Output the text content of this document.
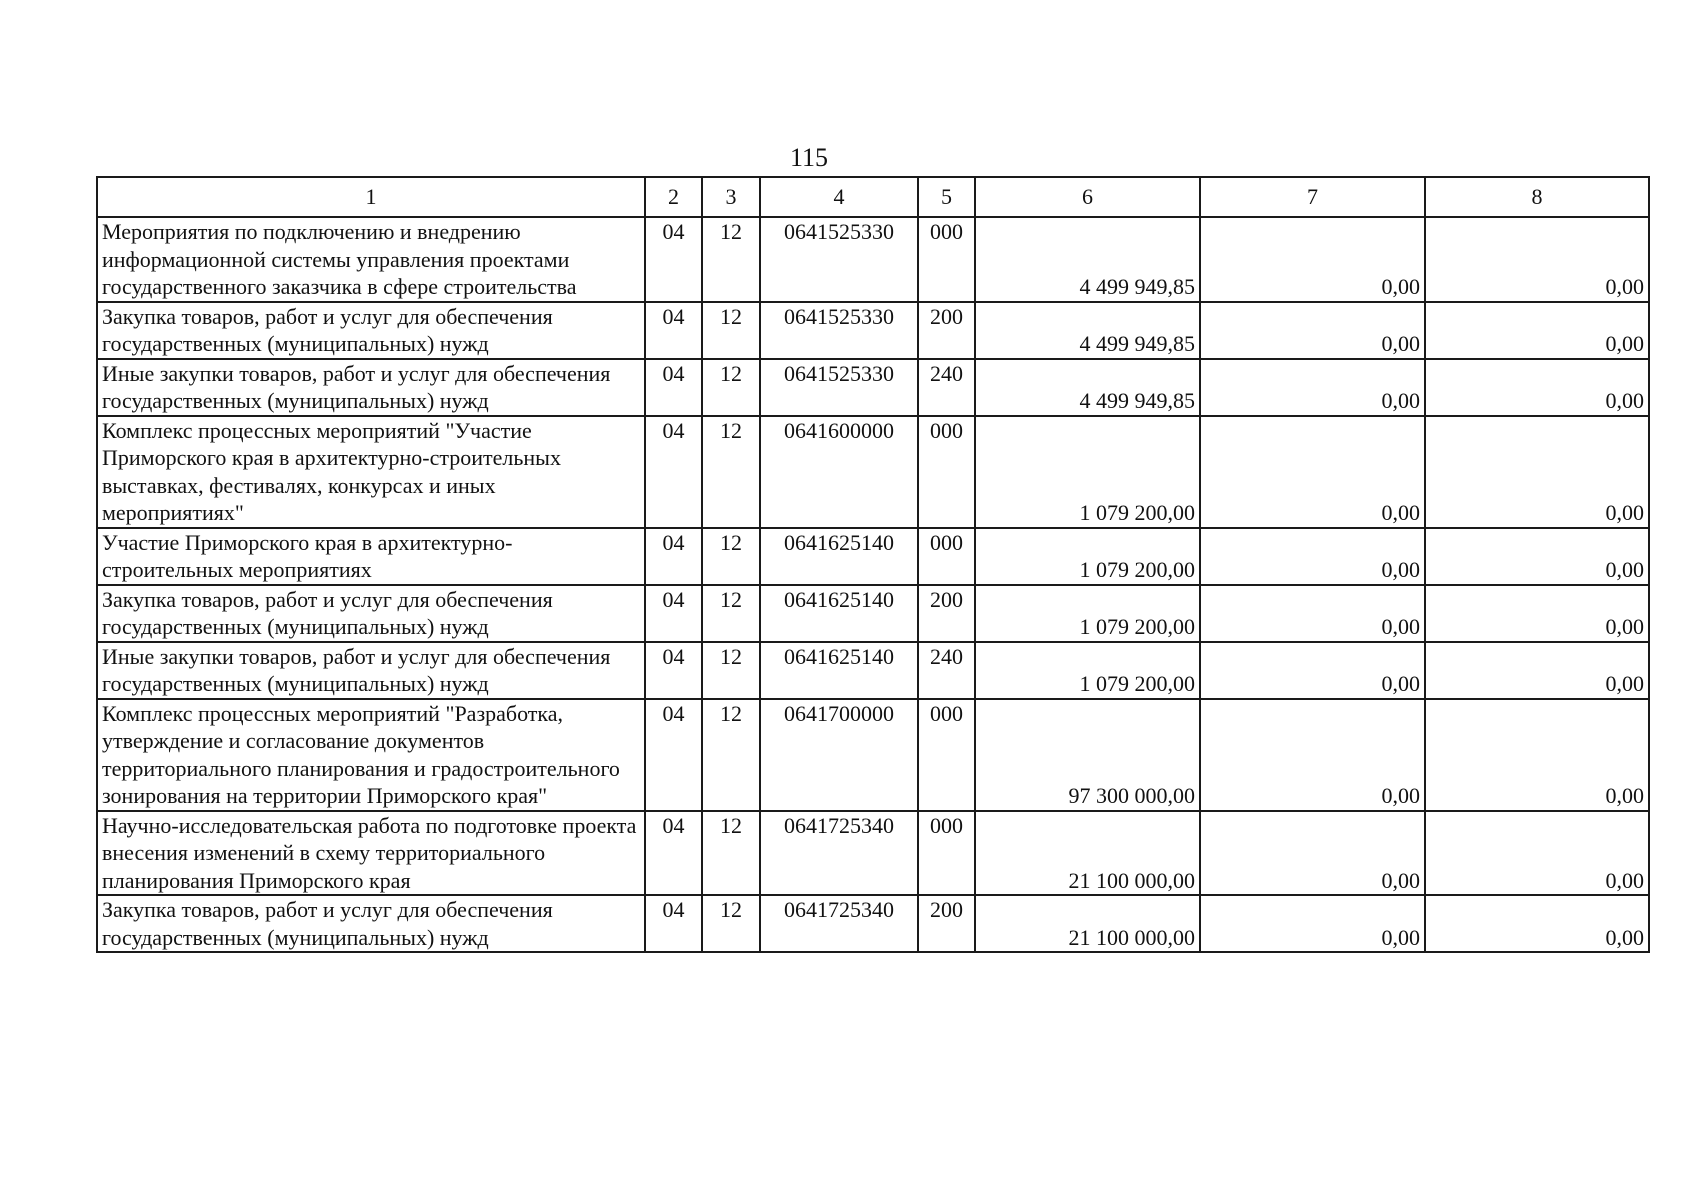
115
1	2	3	4	5	6	7	8
Мероприятия по подключению и внедрению информационной системы управления проектами государственного заказчика в сфере строительства	04	12	0641525330	000	4 499 949,85	0,00	0,00
Закупка товаров, работ и услуг для обеспечения государственных (муниципальных) нужд	04	12	0641525330	200	4 499 949,85	0,00	0,00
Иные закупки товаров, работ и услуг для обеспечения государственных (муниципальных) нужд	04	12	0641525330	240	4 499 949,85	0,00	0,00
Комплекс процессных мероприятий "Участие Приморского края в архитектурно-строительных выставках, фестивалях, конкурсах и иных мероприятиях"	04	12	0641600000	000	1 079 200,00	0,00	0,00
Участие Приморского края в архитектурно-строительных мероприятиях	04	12	0641625140	000	1 079 200,00	0,00	0,00
Закупка товаров, работ и услуг для обеспечения государственных (муниципальных) нужд	04	12	0641625140	200	1 079 200,00	0,00	0,00
Иные закупки товаров, работ и услуг для обеспечения государственных (муниципальных) нужд	04	12	0641625140	240	1 079 200,00	0,00	0,00
Комплекс процессных мероприятий "Разработка, утверждение и согласование документов территориального планирования и градостроительного зонирования на территории Приморского края"	04	12	0641700000	000	97 300 000,00	0,00	0,00
Научно-исследовательская работа по подготовке проекта внесения изменений в схему территориального планирования Приморского края	04	12	0641725340	000	21 100 000,00	0,00	0,00
Закупка товаров, работ и услуг для обеспечения государственных (муниципальных) нужд	04	12	0641725340	200	21 100 000,00	0,00	0,00
